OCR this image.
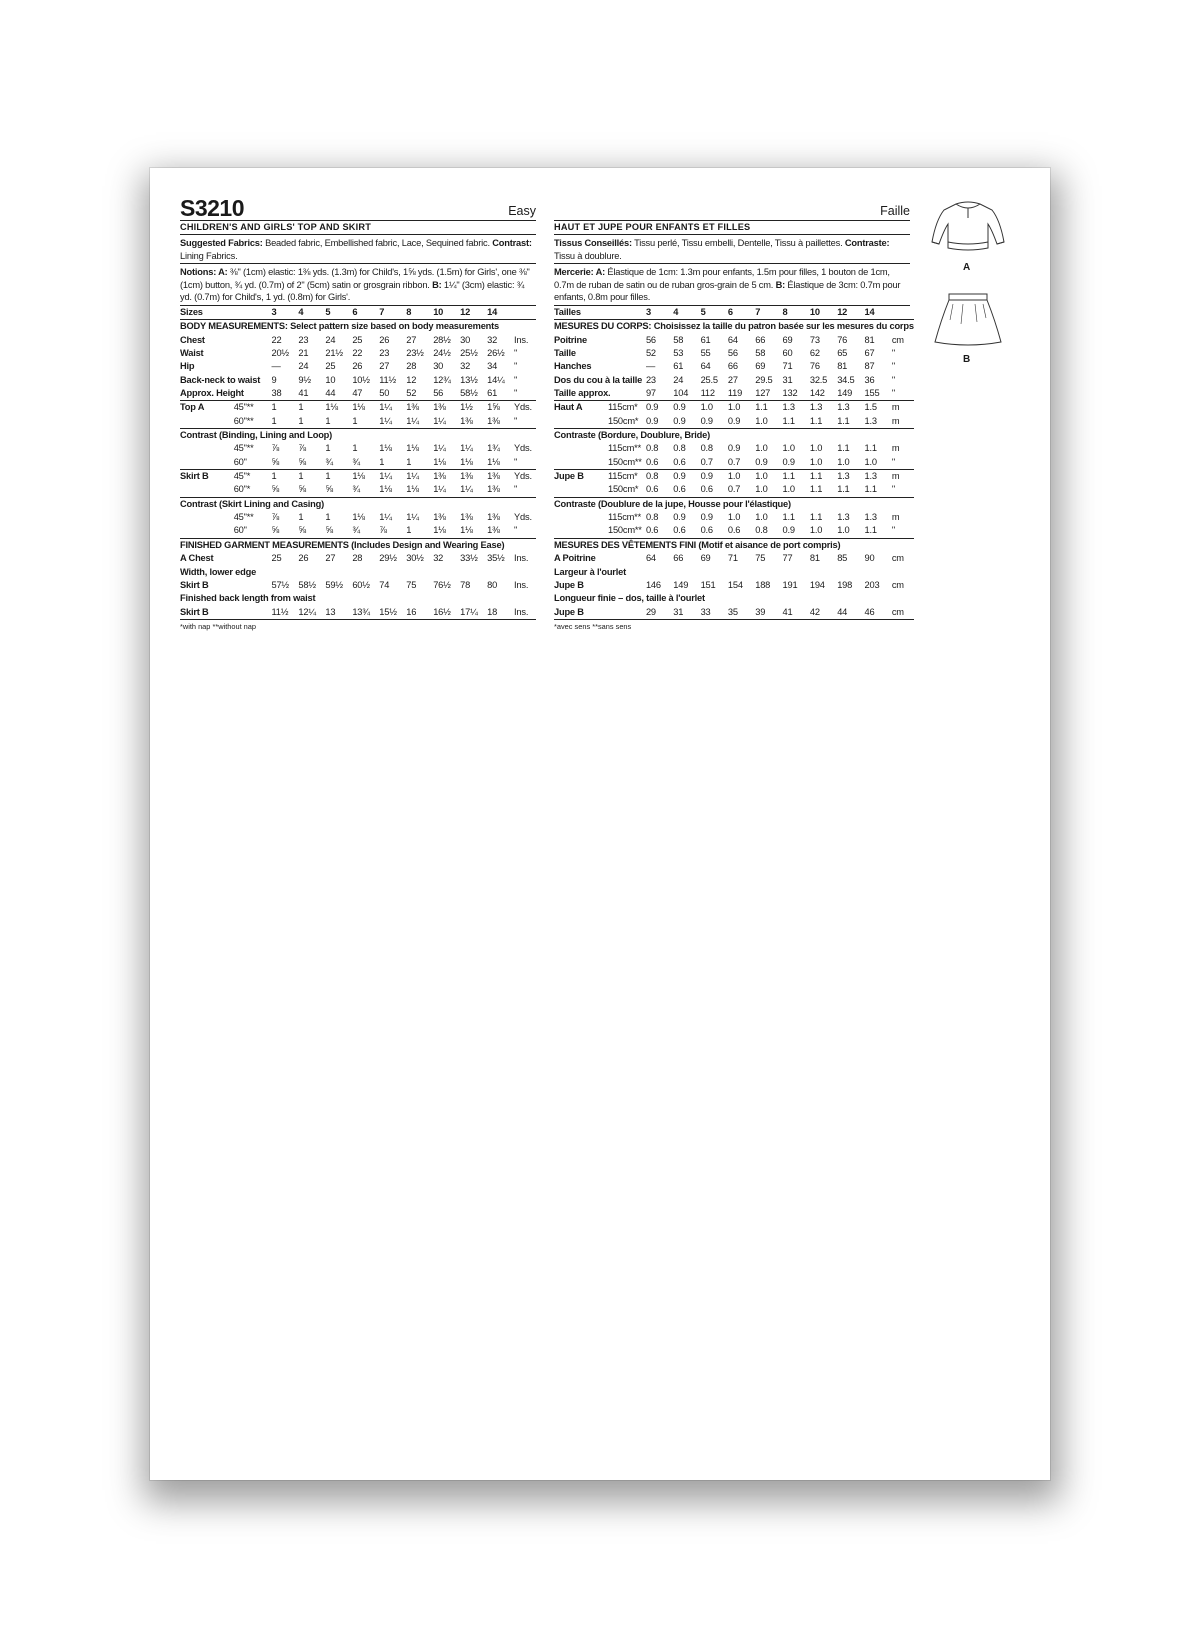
S3210	Easy
CHILDREN'S AND GIRLS' TOP AND SKIRT
Suggested Fabrics: Beaded fabric, Embellished fabric, Lace, Sequined fabric. Contrast: Lining Fabrics.
Notions: A: ⅜" (1cm) elastic: 1⅜ yds. (1.3m) for Child's, 1⅝ yds. (1.5m) for Girls', one ⅜" (1cm) button, ¾ yd. (0.7m) of 2" (5cm) satin or grosgrain ribbon. B: 1¼" (3cm) elastic: ¾ yd. (0.7m) for Child's, 1 yd. (0.8m) for Girls'.
Sizes		3	4	5	6	7	8	10	12	14	
BODY MEASUREMENTS: Select pattern size based on body measurements											
Chest		22	23	24	25	26	27	28½	30	32	Ins.
Waist		20½	21	21½	22	23	23½	24½	25½	26½	"
Hip		—	24	25	26	27	28	30	32	34	"
Back-neck to waist		9	9½	10	10½	11½	12	12¾	13½	14¼	"
Approx. Height		38	41	44	47	50	52	56	58½	61	"
Top A	45"**	1	1	1⅛	1⅛	1¼	1⅜	1⅜	1½	1⅝	Yds.
	60"**	1	1	1	1	1¼	1¼	1¼	1⅜	1⅜	"
Contrast (Binding, Lining and Loop)											
	45"**	⅞	⅞	1	1	1⅛	1⅛	1¼	1¼	1¾	Yds.
	60"	⅝	⅝	¾	¾	1	1	1⅛	1⅛	1⅛	"
Skirt B	45"*	1	1	1	1⅛	1¼	1¼	1⅜	1⅜	1⅜	Yds.
	60"*	⅝	⅝	⅝	¾	1⅛	1⅛	1¼	1¼	1⅜	"
Contrast (Skirt Lining and Casing)											
	45"**	⅞	1	1	1⅛	1¼	1¼	1⅜	1⅜	1⅜	Yds.
	60"	⅝	⅝	⅝	¾	⅞	1	1⅛	1⅛	1⅜	"
FINISHED GARMENT MEASUREMENTS (Includes Design and Wearing Ease)											
A Chest		25	26	27	28	29½	30½	32	33½	35½	Ins.
Width, lower edge											
Skirt B		57½	58½	59½	60½	74	75	76½	78	80	Ins.
Finished back length from waist											
Skirt B		11½	12¼	13	13¾	15½	16	16½	17¼	18	Ins.
*with nap **without nap
Faille
HAUT ET JUPE POUR ENFANTS ET FILLES
Tissus Conseillés: Tissu perlé, Tissu embelli, Dentelle, Tissu à paillettes. Contraste: Tissu à doublure.
Mercerie: A: Élastique de 1cm: 1.3m pour enfants, 1.5m pour filles, 1 bouton de 1cm, 0.7m de ruban de satin ou de ruban gros-grain de 5 cm. B: Élastique de 3cm: 0.7m pour enfants, 0.8m pour filles.
Tailles		3	4	5	6	7	8	10	12	14	
MESURES DU CORPS: Choisissez la taille du patron basée sur les mesures du corps											
Poitrine		56	58	61	64	66	69	73	76	81	cm
Taille		52	53	55	56	58	60	62	65	67	"
Hanches		—	61	64	66	69	71	76	81	87	"
Dos du cou à la taille		23	24	25.5	27	29.5	31	32.5	34.5	36	"
Taille approx.		97	104	112	119	127	132	142	149	155	"
Haut A	115cm*	0.9	0.9	1.0	1.0	1.1	1.3	1.3	1.3	1.5	m
	150cm*	0.9	0.9	0.9	0.9	1.0	1.1	1.1	1.1	1.3	m
Contraste (Bordure, Doublure, Bride)											
	115cm**	0.8	0.8	0.8	0.9	1.0	1.0	1.0	1.1	1.1	m
	150cm**	0.6	0.6	0.7	0.7	0.9	0.9	1.0	1.0	1.0	"
Jupe B	115cm*	0.8	0.9	0.9	1.0	1.0	1.1	1.1	1.3	1.3	m
	150cm*	0.6	0.6	0.6	0.7	1.0	1.0	1.1	1.1	1.1	"
Contraste (Doublure de la jupe, Housse pour l'élastique)											
	115cm**	0.8	0.9	0.9	1.0	1.0	1.1	1.1	1.3	1.3	m
	150cm**	0.6	0.6	0.6	0.6	0.8	0.9	1.0	1.0	1.1	"
MESURES DES VÊTEMENTS FINI (Motif et aisance de port compris)											
A Poitrine		64	66	69	71	75	77	81	85	90	cm
Largeur à l'ourlet											
Jupe B		146	149	151	154	188	191	194	198	203	cm
Longueur finie – dos, taille à l'ourlet											
Jupe B		29	31	33	35	39	41	42	44	46	cm
*avec sens **sans sens
A
B
